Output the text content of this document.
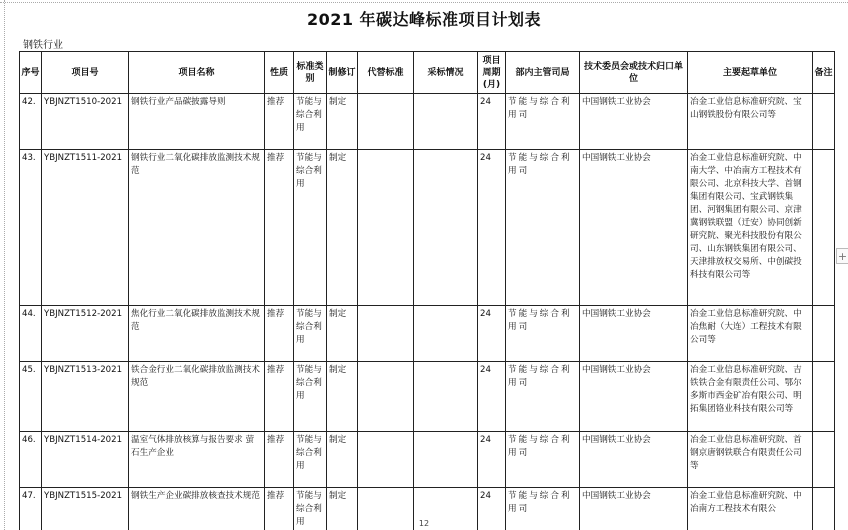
2021 年碳达峰标准项目计划表
钢铁行业
序号	项目号	项目名称	性质	标准类别	制修订	代替标准	采标情况	项目周期(月)	部内主管司局	技术委员会或技术归口单位	主要起草单位	备注
42.	YBJNZT1510-2021	钢铁行业产品碳披露导则	推荐	节能与综合利用	制定			24	节能与综合利用司	中国钢铁工业协会	冶金工业信息标准研究院、宝山钢铁股份有限公司等	
43.	YBJNZT1511-2021	钢铁行业二氧化碳排放监测技术规范	推荐	节能与综合利用	制定			24	节能与综合利用司	中国钢铁工业协会	冶金工业信息标准研究院、中南大学、中冶南方工程技术有限公司、北京科技大学、首钢集团有限公司、宝武钢铁集团、河钢集团有限公司、京津冀钢铁联盟（迁安）协同创新研究院、聚光科技股份有限公司、山东钢铁集团有限公司、天津排放权交易所、中创碳投科技有限公司等	
44.	YBJNZT1512-2021	焦化行业二氧化碳排放监测技术规范	推荐	节能与综合利用	制定			24	节能与综合利用司	中国钢铁工业协会	冶金工业信息标准研究院、中冶焦耐（大连）工程技术有限公司等	
45.	YBJNZT1513-2021	铁合金行业二氧化碳排放监测技术规范	推荐	节能与综合利用	制定			24	节能与综合利用司	中国钢铁工业协会	冶金工业信息标准研究院、吉铁铁合金有限责任公司、鄂尔多斯市西金矿冶有限公司、明拓集团铬业科技有限公司等	
46.	YBJNZT1514-2021	温室气体排放核算与报告要求 萤石生产企业	推荐	节能与综合利用	制定			24	节能与综合利用司	中国钢铁工业协会	冶金工业信息标准研究院、首钢京唐钢铁联合有限责任公司等	
47.	YBJNZT1515-2021	钢铁生产企业碳排放核查技术规范	推荐	节能与综合利用	制定			24	节能与综合利用司	中国钢铁工业协会	冶金工业信息标准研究院、中冶南方工程技术有限公	
+
12
